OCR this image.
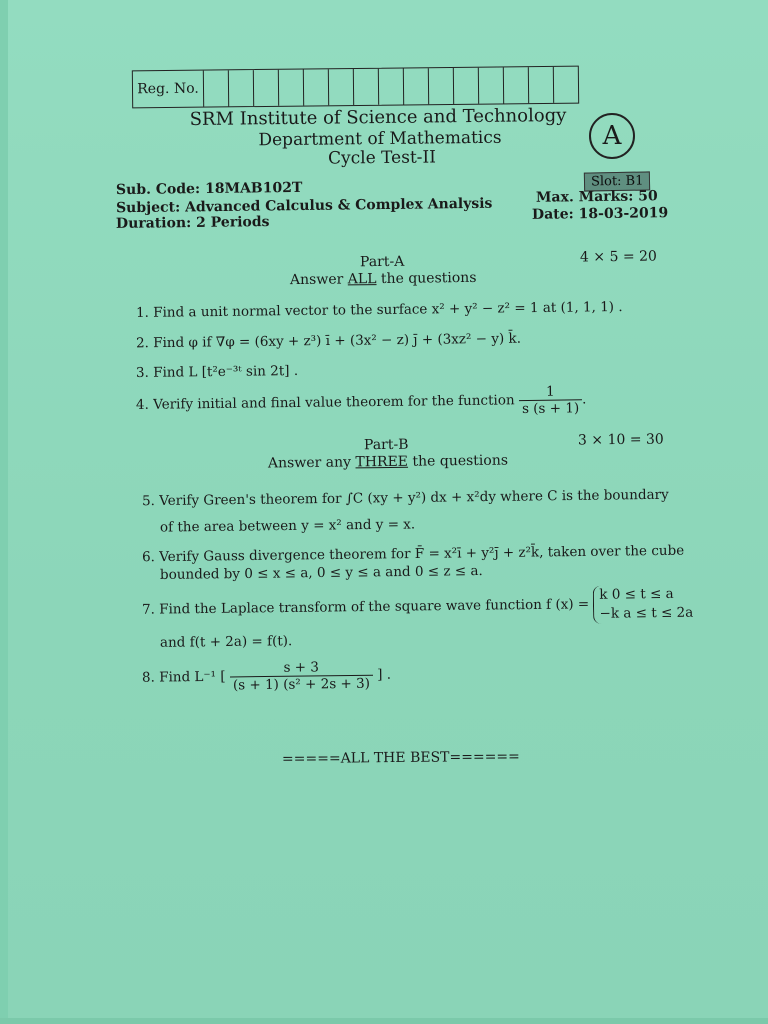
Reg. No.
SRM Institute of Science and Technology
Department of Mathematics
Cycle Test-II
A
Slot: B1
Sub. Code: 18MAB102T
Subject: Advanced Calculus & Complex Analysis
Duration: 2 Periods
Max. Marks: 50
Date: 18-03-2019
Part-A
Answer ALL the questions
4 × 5 = 20
1. Find a unit normal vector to the surface x² + y² − z² = 1 at (1, 1, 1) .
2. Find φ if ∇φ = (6xy + z³) ī + (3x² − z) j̄ + (3xz² − y) k̄.
3. Find L [t²e⁻³ᵗ sin 2t] .
4. Verify initial and final value theorem for the function $\frac{1}{s (s + 1)}$ .
Part-B
Answer any THREE the questions
3 × 10 = 30
5. Verify Green's theorem for ∫C (xy + y²) dx + x²dy where C is the boundary
of the area between y = x² and y = x.
6. Verify Gauss divergence theorem for F̄ = x²ī + y²j̄ + z²k̄, taken over the cube
bounded by 0 ≤ x ≤ a, 0 ≤ y ≤ a and 0 ≤ z ≤ a.
7. Find the Laplace transform of the square wave function f (x) =
k 0 ≤ t ≤ a
−k a ≤ t ≤ 2a
and f(t + 2a) = f(t).
8. Find L⁻¹ [ $\frac{s + 3}{\text{(s + 1) (s² + 2s + 3)}}$ ] .
=====ALL THE BEST======
